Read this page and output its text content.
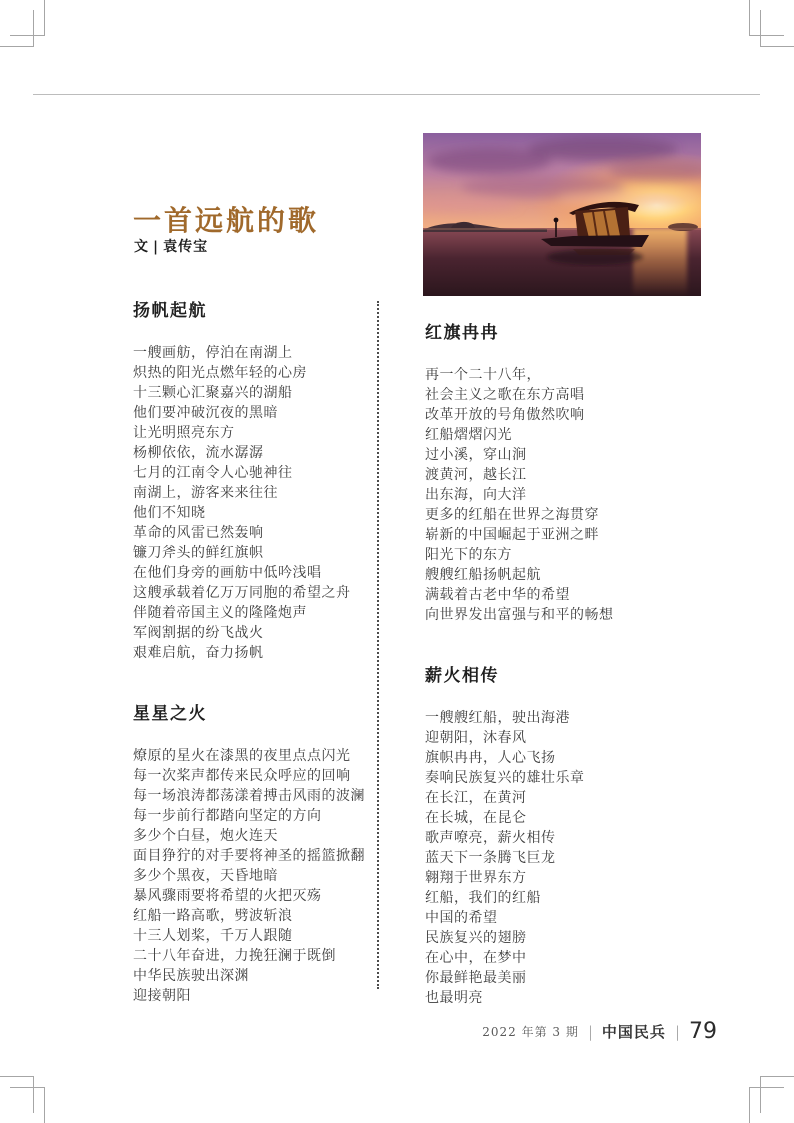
一首远航的歌
文 | 袁传宝
扬帆起航
一艘画舫，停泊在南湖上
炽热的阳光点燃年轻的心房
十三颗心汇聚嘉兴的湖船
他们要冲破沉夜的黑暗
让光明照亮东方
杨柳依依，流水潺潺
七月的江南令人心驰神往
南湖上，游客来来往往
他们不知晓
革命的风雷已然轰响
镰刀斧头的鲜红旗帜
在他们身旁的画舫中低吟浅唱
这艘承载着亿万万同胞的希望之舟
伴随着帝国主义的隆隆炮声
军阀割据的纷飞战火
艰难启航，奋力扬帆
星星之火
燎原的星火在漆黑的夜里点点闪光
每一次桨声都传来民众呼应的回响
每一场浪涛都荡漾着搏击风雨的波澜
每一步前行都踏向坚定的方向
多少个白昼，炮火连天
面目狰狞的对手要将神圣的摇篮掀翻
多少个黑夜，天昏地暗
暴风骤雨要将希望的火把灭殇
红船一路高歌，劈波斩浪
十三人划桨，千万人跟随
二十八年奋进，力挽狂澜于既倒
中华民族驶出深渊
迎接朝阳
红旗冉冉
再一个二十八年，
社会主义之歌在东方高唱
改革开放的号角傲然吹响
红船熠熠闪光
过小溪，穿山涧
渡黄河，越长江
出东海，向大洋
更多的红船在世界之海贯穿
崭新的中国崛起于亚洲之畔
阳光下的东方
艘艘红船扬帆起航
满载着古老中华的希望
向世界发出富强与和平的畅想
薪火相传
一艘艘红船，驶出海港
迎朝阳，沐春风
旗帜冉冉，人心飞扬
奏响民族复兴的雄壮乐章
在长江，在黄河
在长城，在昆仑
歌声嘹亮，薪火相传
蓝天下一条腾飞巨龙
翱翔于世界东方
红船，我们的红船
中国的希望
民族复兴的翅膀
在心中，在梦中
你最鲜艳最美丽
也最明亮
2022 年第 3 期 | 中国民兵 | 79
